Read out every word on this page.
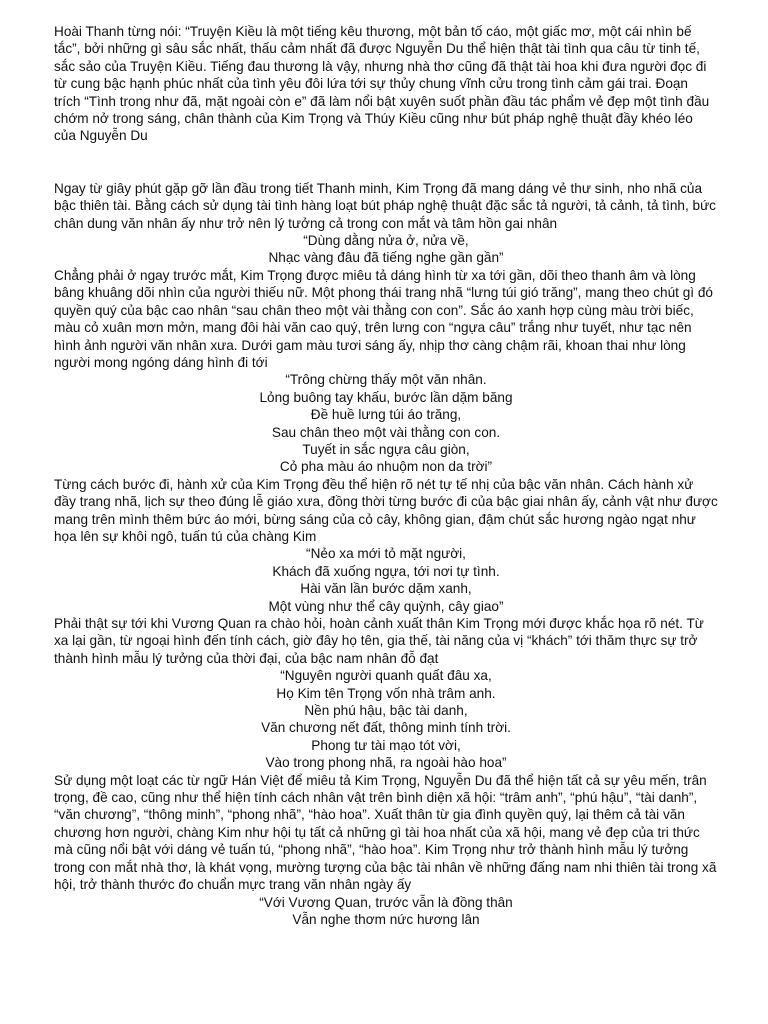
Hoài Thanh từng nói: “Truyện Kiều là một tiếng kêu thương, một bản tố cáo, một giấc mơ, một cái nhìn bế tắc”, bởi những gì sâu sắc nhất, thấu cảm nhất đã được Nguyễn Du thể hiện thật tài tình qua câu từ tinh tế, sắc sảo của Truyện Kiều. Tiếng đau thương là vậy, nhưng nhà thơ cũng đã thật tài hoa khi đưa người đọc đi từ cung bậc hạnh phúc nhất của tình yêu đôi lứa tới sự thủy chung vĩnh cửu trong tình cảm gái trai. Đoạn trích “Tình trong như đã, mặt ngoài còn e” đã làm nổi bật xuyên suốt phần đầu tác phẩm vẻ đẹp một tình đầu chớm nở trong sáng, chân thành của Kim Trọng và Thúy Kiều cũng như bút pháp nghệ thuật đầy khéo léo của Nguyễn Du

Ngay từ giây phút gặp gỡ lần đầu trong tiết Thanh minh, Kim Trọng đã mang dáng vẻ thư sinh, nho nhã của bậc thiên tài. Bằng cách sử dụng tài tình hàng loạt bút pháp nghệ thuật đặc sắc tả người, tả cảnh, tả tình, bức chân dung văn nhân ấy như trở nên lý tưởng cả trong con mắt và tâm hồn gai nhân

“Dùng dằng nửa ở, nửa về,
Nhạc vàng đâu đã tiếng nghe gần gần”

Chẳng phải ở ngay trước mắt, Kim Trọng được miêu tả dáng hình từ xa tới gần, dõi theo thanh âm và lòng bâng khuâng dõi nhìn của người thiếu nữ. Một phong thái trang nhã “lưng túi gió trăng”, mang theo chút gì đó quyền quý của bậc cao nhân “sau chân theo một vài thằng con con”. Sắc áo xanh hợp cùng màu trời biếc, màu cỏ xuân mơn mởn, mang đôi hài văn cao quý, trên lưng con “ngựa câu” trắng như tuyết, như tạc nên hình ảnh người văn nhân xưa. Dưới gam màu tươi sáng ấy, nhịp thơ càng chậm rãi, khoan thai như lòng người mong ngóng dáng hình đi tới

“Trông chừng thấy một văn nhân.
Lỏng buông tay khấu, bước lần dặm băng
Đề huề lưng túi áo trăng,
Sau chân theo một vài thằng con con.
Tuyết in sắc ngựa câu giòn,
Cỏ pha màu áo nhuộm non da trời”

Từng cách bước đi, hành xử của Kim Trọng đều thể hiện rõ nét tự tế nhị của bậc văn nhân. Cách hành xử đầy trang nhã, lịch sự theo đúng lễ giáo xưa, đồng thời từng bước đi của bậc giai nhân ấy, cảnh vật như được mang trên mình thêm bức áo mới, bừng sáng của cỏ cây, không gian, đậm chút sắc hương ngào ngạt như họa lên sự khôi ngô, tuấn tú của chàng Kim

“Nẻo xa mới tỏ mặt người,
Khách đã xuống ngựa, tới nơi tự tình.
Hài văn lần bước dặm xanh,
Một vùng như thể cây quỳnh, cây giao”

Phải thật sự tới khi Vương Quan ra chào hỏi, hoàn cảnh xuất thân Kim Trọng mới được khắc họa rõ nét. Từ xa lại gần, từ ngoại hình đến tính cách, giờ đây họ tên, gia thế, tài năng của vị “khách” tới thăm thực sự trở thành hình mẫu lý tưởng của thời đại, của bậc nam nhân đỗ đạt

“Nguyên người quanh quất đâu xa,
Họ Kim tên Trọng vốn nhà trâm anh.
Nền phú hậu, bậc tài danh,
Văn chương nết đất, thông minh tính trời.
Phong tư tài mạo tót vời,
Vào trong phong nhã, ra ngoài hào hoa”

Sử dụng một loạt các từ ngữ Hán Việt để miêu tả Kim Trọng, Nguyễn Du đã thể hiện tất cả sự yêu mến, trân trọng, đề cao, cũng như thể hiện tính cách nhân vật trên bình diện xã hội: “trâm anh”, “phú hậu”, “tài danh”, “văn chương”, “thông minh”, “phong nhã”, “hào hoa”. Xuất thân từ gia đình quyền quý, lại thêm cả tài văn chương hơn người, chàng Kim như hội tụ tất cả những gì tài hoa nhất của xã hội, mang vẻ đẹp của tri thức mà cũng nổi bật với dáng vẻ tuấn tú, “phong nhã”, “hào hoa”. Kim Trọng như trở thành hình mẫu lý tưởng trong con mắt nhà thơ, là khát vọng, mường tượng của bậc tài nhân về những đấng nam nhi thiên tài trong xã hội, trở thành thước đo chuẩn mực trang văn nhân ngày ấy

“Với Vương Quan, trước vẫn là đồng thân
Vẫn nghe thơm nức hương lân
